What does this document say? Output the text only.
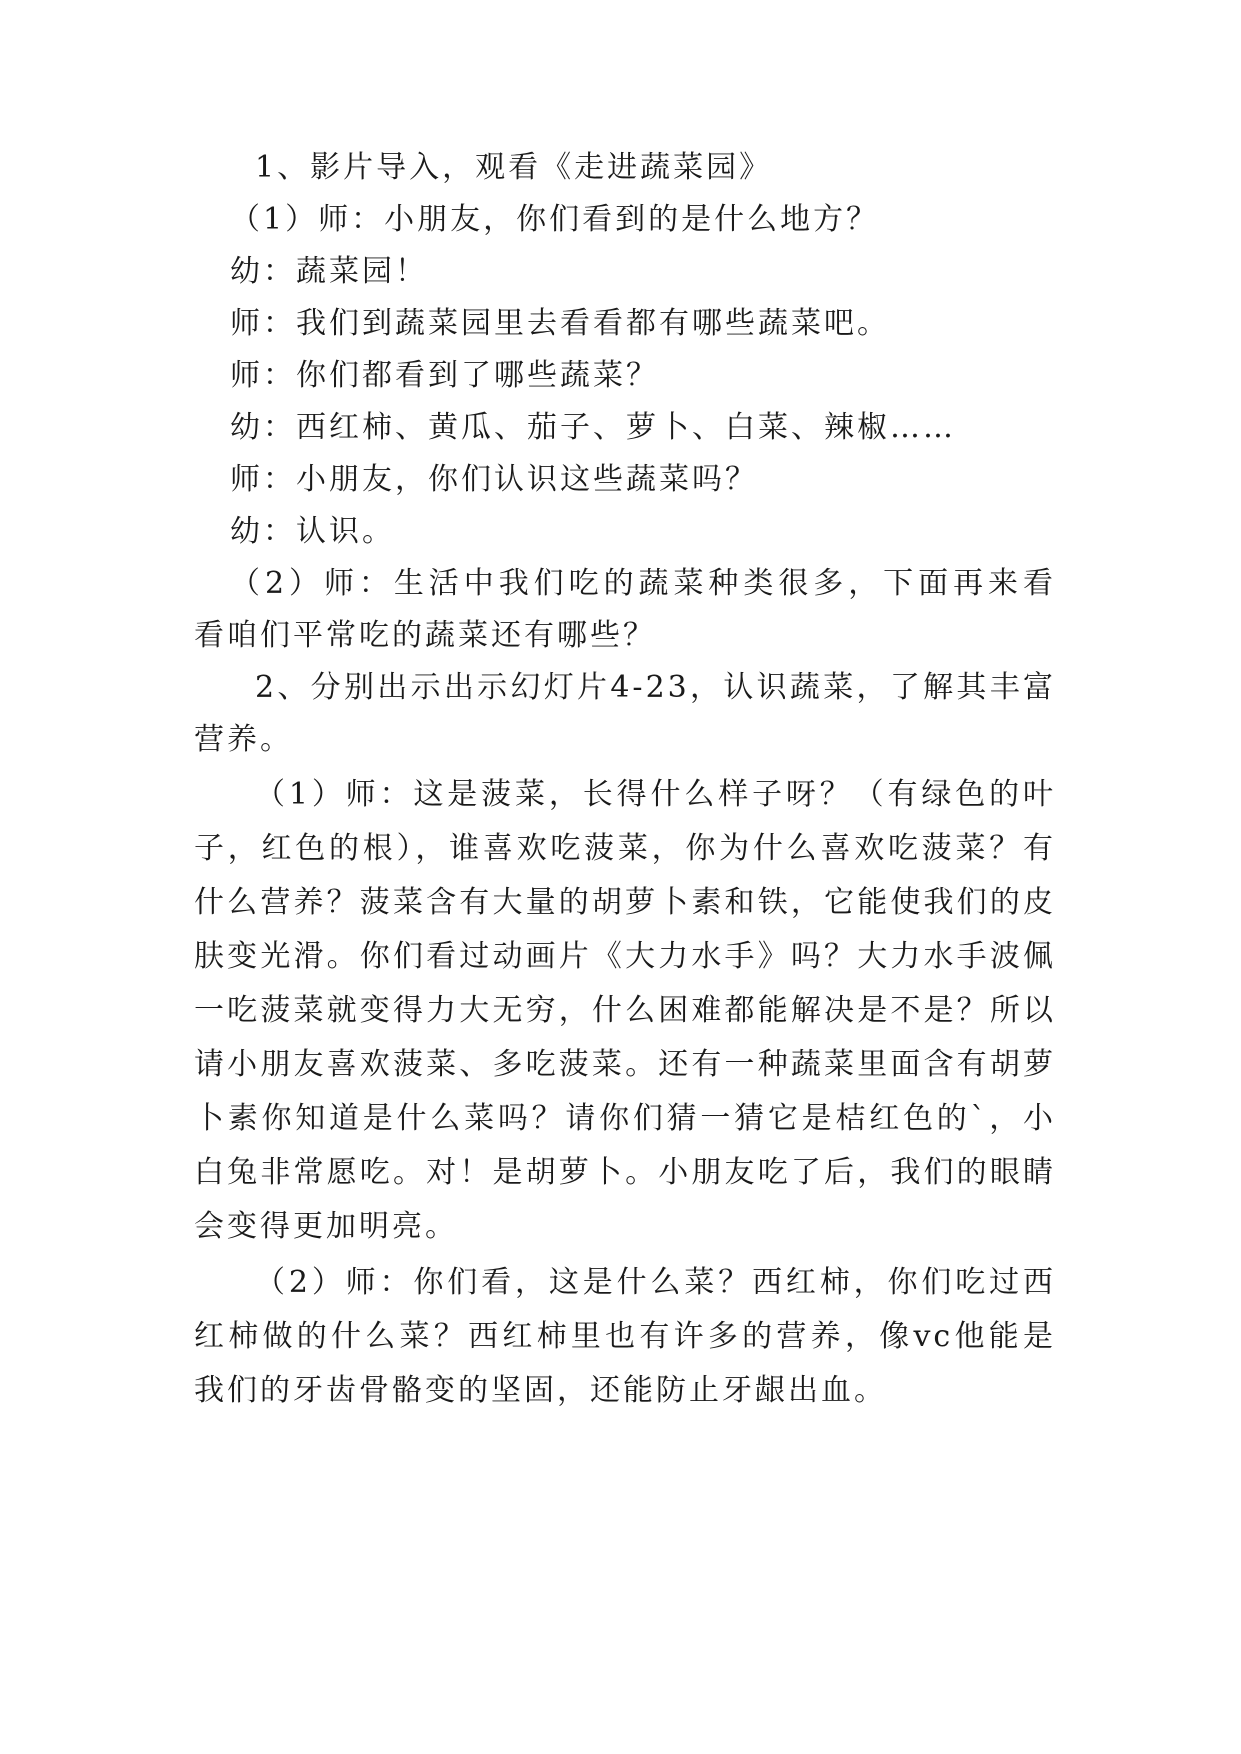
1、影片导入，观看《走进蔬菜园》

（1）师：小朋友，你们看到的是什么地方？

幼：蔬菜园！

师：我们到蔬菜园里去看看都有哪些蔬菜吧。

师：你们都看到了哪些蔬菜？

幼：西红柿、黄瓜、茄子、萝卜、白菜、辣椒……

师：小朋友，你们认识这些蔬菜吗？

幼：认识。

（2）师：生活中我们吃的蔬菜种类很多，下面再来看

看咱们平常吃的蔬菜还有哪些？

2、分别出示出示幻灯片4-23，认识蔬菜，了解其丰富

营养。

（1）师：这是菠菜，长得什么样子呀？（有绿色的叶

子，红色的根），谁喜欢吃菠菜，你为什么喜欢吃菠菜？有

什么营养？菠菜含有大量的胡萝卜素和铁，它能使我们的皮

肤变光滑。你们看过动画片《大力水手》吗？大力水手波佩

一吃菠菜就变得力大无穷，什么困难都能解决是不是？所以

请小朋友喜欢菠菜、多吃菠菜。还有一种蔬菜里面含有胡萝

卜素你知道是什么菜吗？请你们猜一猜它是桔红色的`，小

白兔非常愿吃。对！是胡萝卜。小朋友吃了后，我们的眼睛

会变得更加明亮。

（2）师：你们看，这是什么菜？西红柿，你们吃过西

红柿做的什么菜？西红柿里也有许多的营养，像vc他能是

我们的牙齿骨骼变的坚固，还能防止牙龈出血。
